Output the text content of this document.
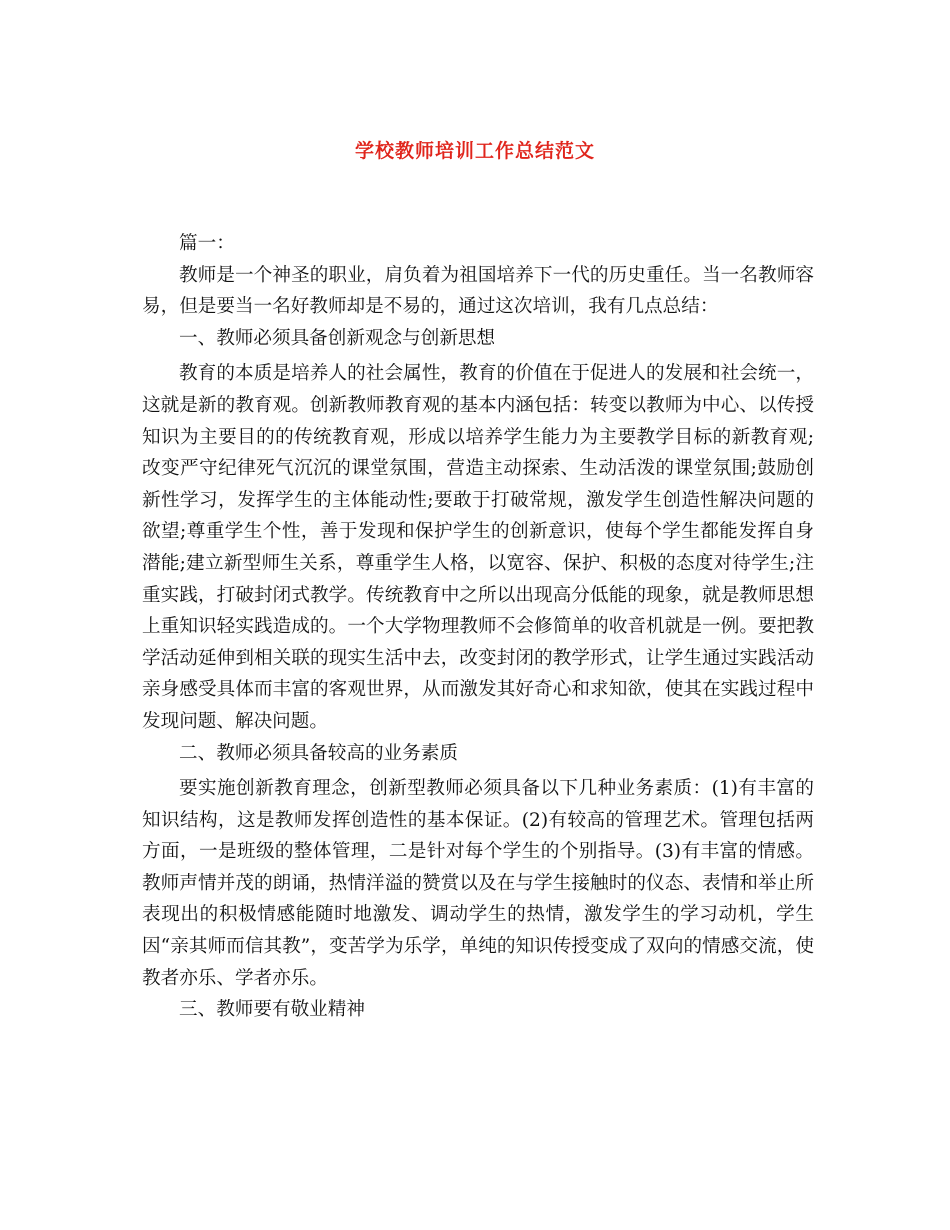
学校教师培训工作总结范文

篇一：

教师是一个神圣的职业，肩负着为祖国培养下一代的历史重任。当一名教师容易，但是要当一名好教师却是不易的，通过这次培训，我有几点总结：

一、教师必须具备创新观念与创新思想

教育的本质是培养人的社会属性，教育的价值在于促进人的发展和社会统一，这就是新的教育观。创新教师教育观的基本内涵包括：转变以教师为中心、以传授知识为主要目的的传统教育观，形成以培养学生能力为主要教学目标的新教育观;改变严守纪律死气沉沉的课堂氛围，营造主动探索、生动活泼的课堂氛围;鼓励创新性学习，发挥学生的主体能动性;要敢于打破常规，激发学生创造性解决问题的欲望;尊重学生个性，善于发现和保护学生的创新意识，使每个学生都能发挥自身潜能;建立新型师生关系，尊重学生人格，以宽容、保护、积极的态度对待学生;注重实践，打破封闭式教学。传统教育中之所以出现高分低能的现象，就是教师思想上重知识轻实践造成的。一个大学物理教师不会修简单的收音机就是一例。要把教学活动延伸到相关联的现实生活中去，改变封闭的教学形式，让学生通过实践活动亲身感受具体而丰富的客观世界，从而激发其好奇心和求知欲，使其在实践过程中发现问题、解决问题。

二、教师必须具备较高的业务素质

要实施创新教育理念，创新型教师必须具备以下几种业务素质：(1)有丰富的知识结构，这是教师发挥创造性的基本保证。(2)有较高的管理艺术。管理包括两方面，一是班级的整体管理，二是针对每个学生的个别指导。(3)有丰富的情感。教师声情并茂的朗诵，热情洋溢的赞赏以及在与学生接触时的仪态、表情和举止所表现出的积极情感能随时地激发、调动学生的热情，激发学生的学习动机，学生因“亲其师而信其教”，变苦学为乐学，单纯的知识传授变成了双向的情感交流，使教者亦乐、学者亦乐。

三、教师要有敬业精神
